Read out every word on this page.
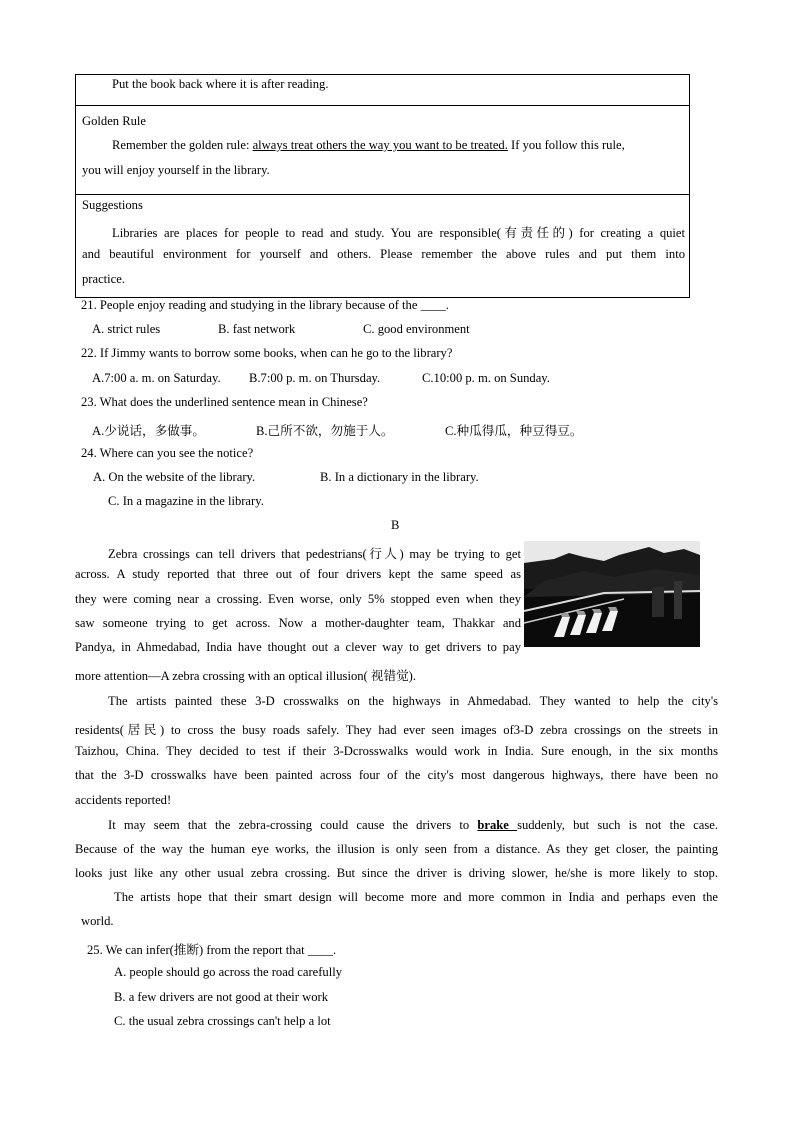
Put the book back where it is after reading.
Golden Rule
Remember the golden rule: always treat others the way you want to be treated. If you follow this rule,
you will enjoy yourself in the library.
Suggestions
Libraries are places for people to read and study. You are responsible(有责任的) for creating a quiet
and beautiful environment for yourself and others. Please remember the above rules and put them into
practice.
21. People enjoy reading and studying in the library because of the ____.
A. strict rules	B. fast network	C. good environment
22. If Jimmy wants to borrow some books, when can he go to the library?
A.7:00 a. m. on Saturday. B.7:00 p. m. on Thursday.	C.10:00 p. m. on Sunday.
23. What does the underlined sentence mean in Chinese?
A.少说话，多做事。	B.己所不欲，勿施于人。	C.种瓜得瓜，种豆得豆。
24. Where can you see the notice?
A. On the website of the library.	B. In a dictionary in the library.
C. In a magazine in the library.
B
Zebra crossings can tell drivers that pedestrians(行人) may be trying to get
across. A study reported that three out of four drivers kept the same speed as
they were coming near a crossing. Even worse, only 5% stopped even when they
saw someone trying to get across. Now a mother-daughter team, Thakkar and
Pandya, in Ahmedabad, India have thought out a clever way to get drivers to pay
more attention—A zebra crossing with an optical illusion( 视错觉).
The artists painted these 3-D crosswalks on the highways in Ahmedabad. They wanted to help the city's
residents(居民) to cross the busy roads safely. They had ever seen images of3-D zebra crossings on the streets in
Taizhou, China. They decided to test if their 3-Dcrosswalks would work in India. Sure enough, in the six months
that the 3-D crosswalks have been painted across four of the city's most dangerous highways, there have been no
accidents reported!
It may seem that the zebra-crossing could cause the drivers to brake suddenly, but such is not the case.
Because of the way the human eye works, the illusion is only seen from a distance. As they get closer, the painting
looks just like any other usual zebra crossing. But since the driver is driving slower, he/she is more likely to stop.
The artists hope that their smart design will become more and more common in India and perhaps even the
world.
25. We can infer(推断) from the report that ____.
A. people should go across the road carefully
B. a few drivers are not good at their work
C. the usual zebra crossings can't help a lot
